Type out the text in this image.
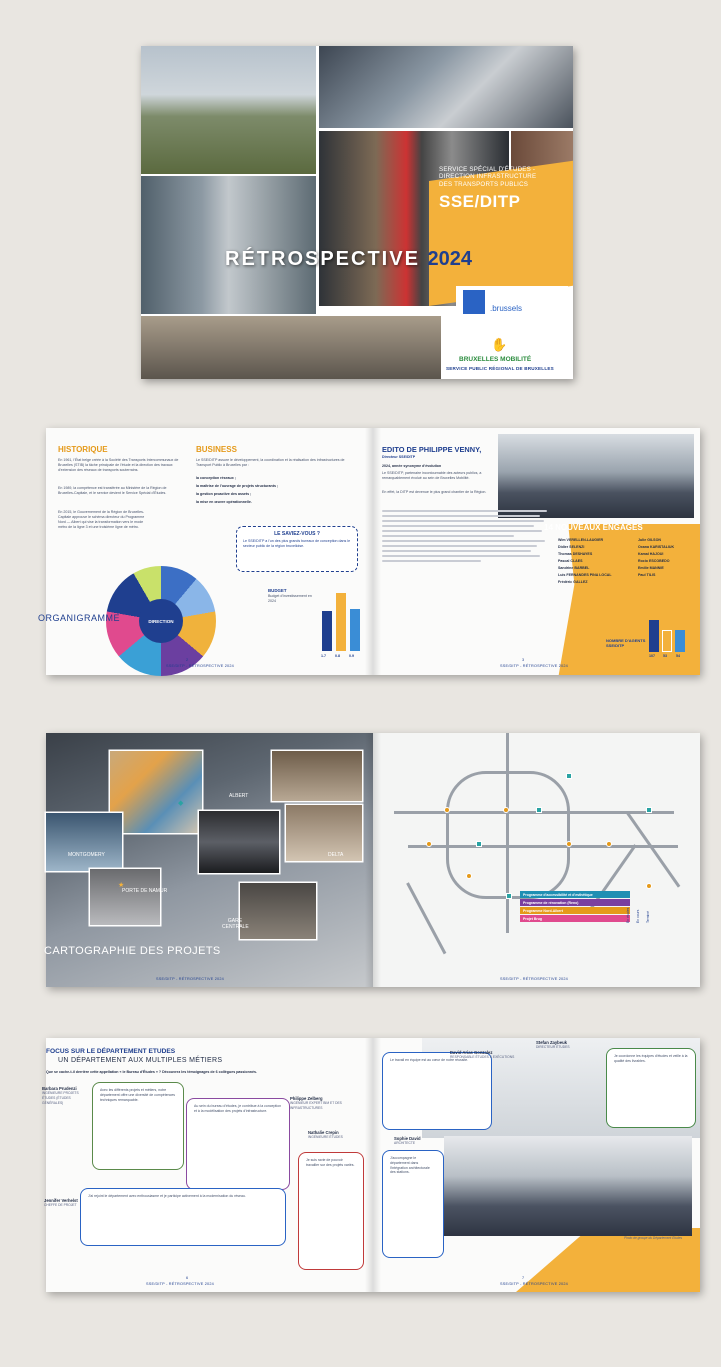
SERVICE SPÉCIAL D'ÉTUDES -
DIRECTION INFRASTRUCTURE
DES TRANSPORTS PUBLICS
SSE/DITP
RÉTROSPECTIVE 2024
.brussels
✋
BRUXELLES MOBILITÉ
SERVICE PUBLIC RÉGIONAL DE BRUXELLES
HISTORIQUE
En 1961, l'État belge créée à la Société des Transports Intercommunaux de Bruxelles (STIB) la tâche principale de l'étude et la direction des travaux d'extension des réseaux de transports souterrains.
En 1989, la compétence est transférée au Ministère de la Région de Bruxelles-Capitale, et le service devient le Service Spécial d'Études.
En 2015, le Gouvernement de la Région de Bruxelles-Capitale approuve le schéma directeur du Programme Nord — Albert qui vise la transformation vers le mode métro de la ligne 3 et une troisième ligne de métro.
BUSINESS
Le SSE/DITP assure le développement, la coordination et la réalisation des infrastructures de Transport Public à Bruxelles par :
la conception réseaux ;
la maîtrise de l'ouvrage de projets structurants ;
la gestion proactive des assets ;
la mise en œuvre opérationnelle.
LE SAVIEZ-VOUS ?
Le SSE/DITP a l'un des plus grands bureaux de conception dans le secteur public de la région bruxelloise.
DIRECTION
ORGANIGRAMME
BUDGET
Budget d'investissement en 2024
1.7	0.8	0.9
SSE/DITP - RÉTROSPECTIVE 2024
2
EDITO DE PHILIPPE VENNY,
Directeur SSE/DITP
2024, année synonyme d'évolution
Le SSE/DITP, partenaire incontournable des acteurs publics, a remarquablement évolué au sein de Bruxelles Mobilité.
En effet, la DITP est devenue le plus grand chantier de la Région.
14 NOUVEAUX ENGAGÉS
Wim VERELLEN-LAUGIER
Didier SELENZI
Thomas DESHAYES
Pascal CLAES
Sandrine BARBEL
Luis FERNANDES PINA LOCAL
Frédéric GALLEZ
Julie GILSON
Oxana KARISTALIUK
Kamal HAJOUI
Rocio ESCOBEDO
Emilie MANNIE
Paul TILIS
NOMBRE D'AGENTS SSE/DITP
107 53	54
SSE/DITP - RÉTROSPECTIVE 2024
3
ALBERT
MONTGOMERY	DELTA
PORTE DE NAMUR
GARE CENTRALE
★
◆
CARTOGRAPHIE DES PROJETS
SSE/DITP - RÉTROSPECTIVE 2024
Programme d'accessibilité et d'esthétique
Programme de rénovation (Reno)
Programme Nord-Albert
Projet Brug	En études En cours Terminé
SSE/DITP - RÉTROSPECTIVE 2024
FOCUS SUR LE DÉPARTEMENT ETUDES
UN DÉPARTEMENT AUX MULTIPLES MÉTIERS
Que se cache-t-il derrière cette appellation « le Bureau d'Études » ? Découvrez les témoignages de 6 collègues passionnés.
Barbara Prudenzi
INGÉNIEURE PROJETS ÉTUDES (ÉTUDES GÉNÉRALES)
Avec les différents projets et métiers, notre département offre une diversité de compétences techniques remarquable.
Au sein du bureau d'études, je contribue à la conception et à la modélisation des projets d'infrastructure.
Philippe Zelberg
INGÉNIEUR EXPERT BIM ET DES INFRASTRUCTURES
Nathalie Crepin
INGÉNIEURE ÉTUDES
Je suis ravie de pouvoir travailler sur des projets variés.
J'ai rejoint le département avec enthousiasme et je participe activement à la modernisation du réseau.
Jennifer Verhelst
CHEFFE DE PROJET
SSE/DITP - RÉTROSPECTIVE 2024
6
Photo de groupe du Département Études
Le travail en équipe est au cœur de notre réussite.
David Arias Gonzalez
RESPONSABLE ÉTUDES & EXÉCUTIONS
Stefan Zaybeuk
DIRECTEUR ÉTUDES
Je coordonne les équipes d'études et veille à la qualité des livrables.
Sophie David
ARCHITECTE
J'accompagne le département dans l'intégration architecturale des stations.
SSE/DITP - RÉTROSPECTIVE 2024
7
